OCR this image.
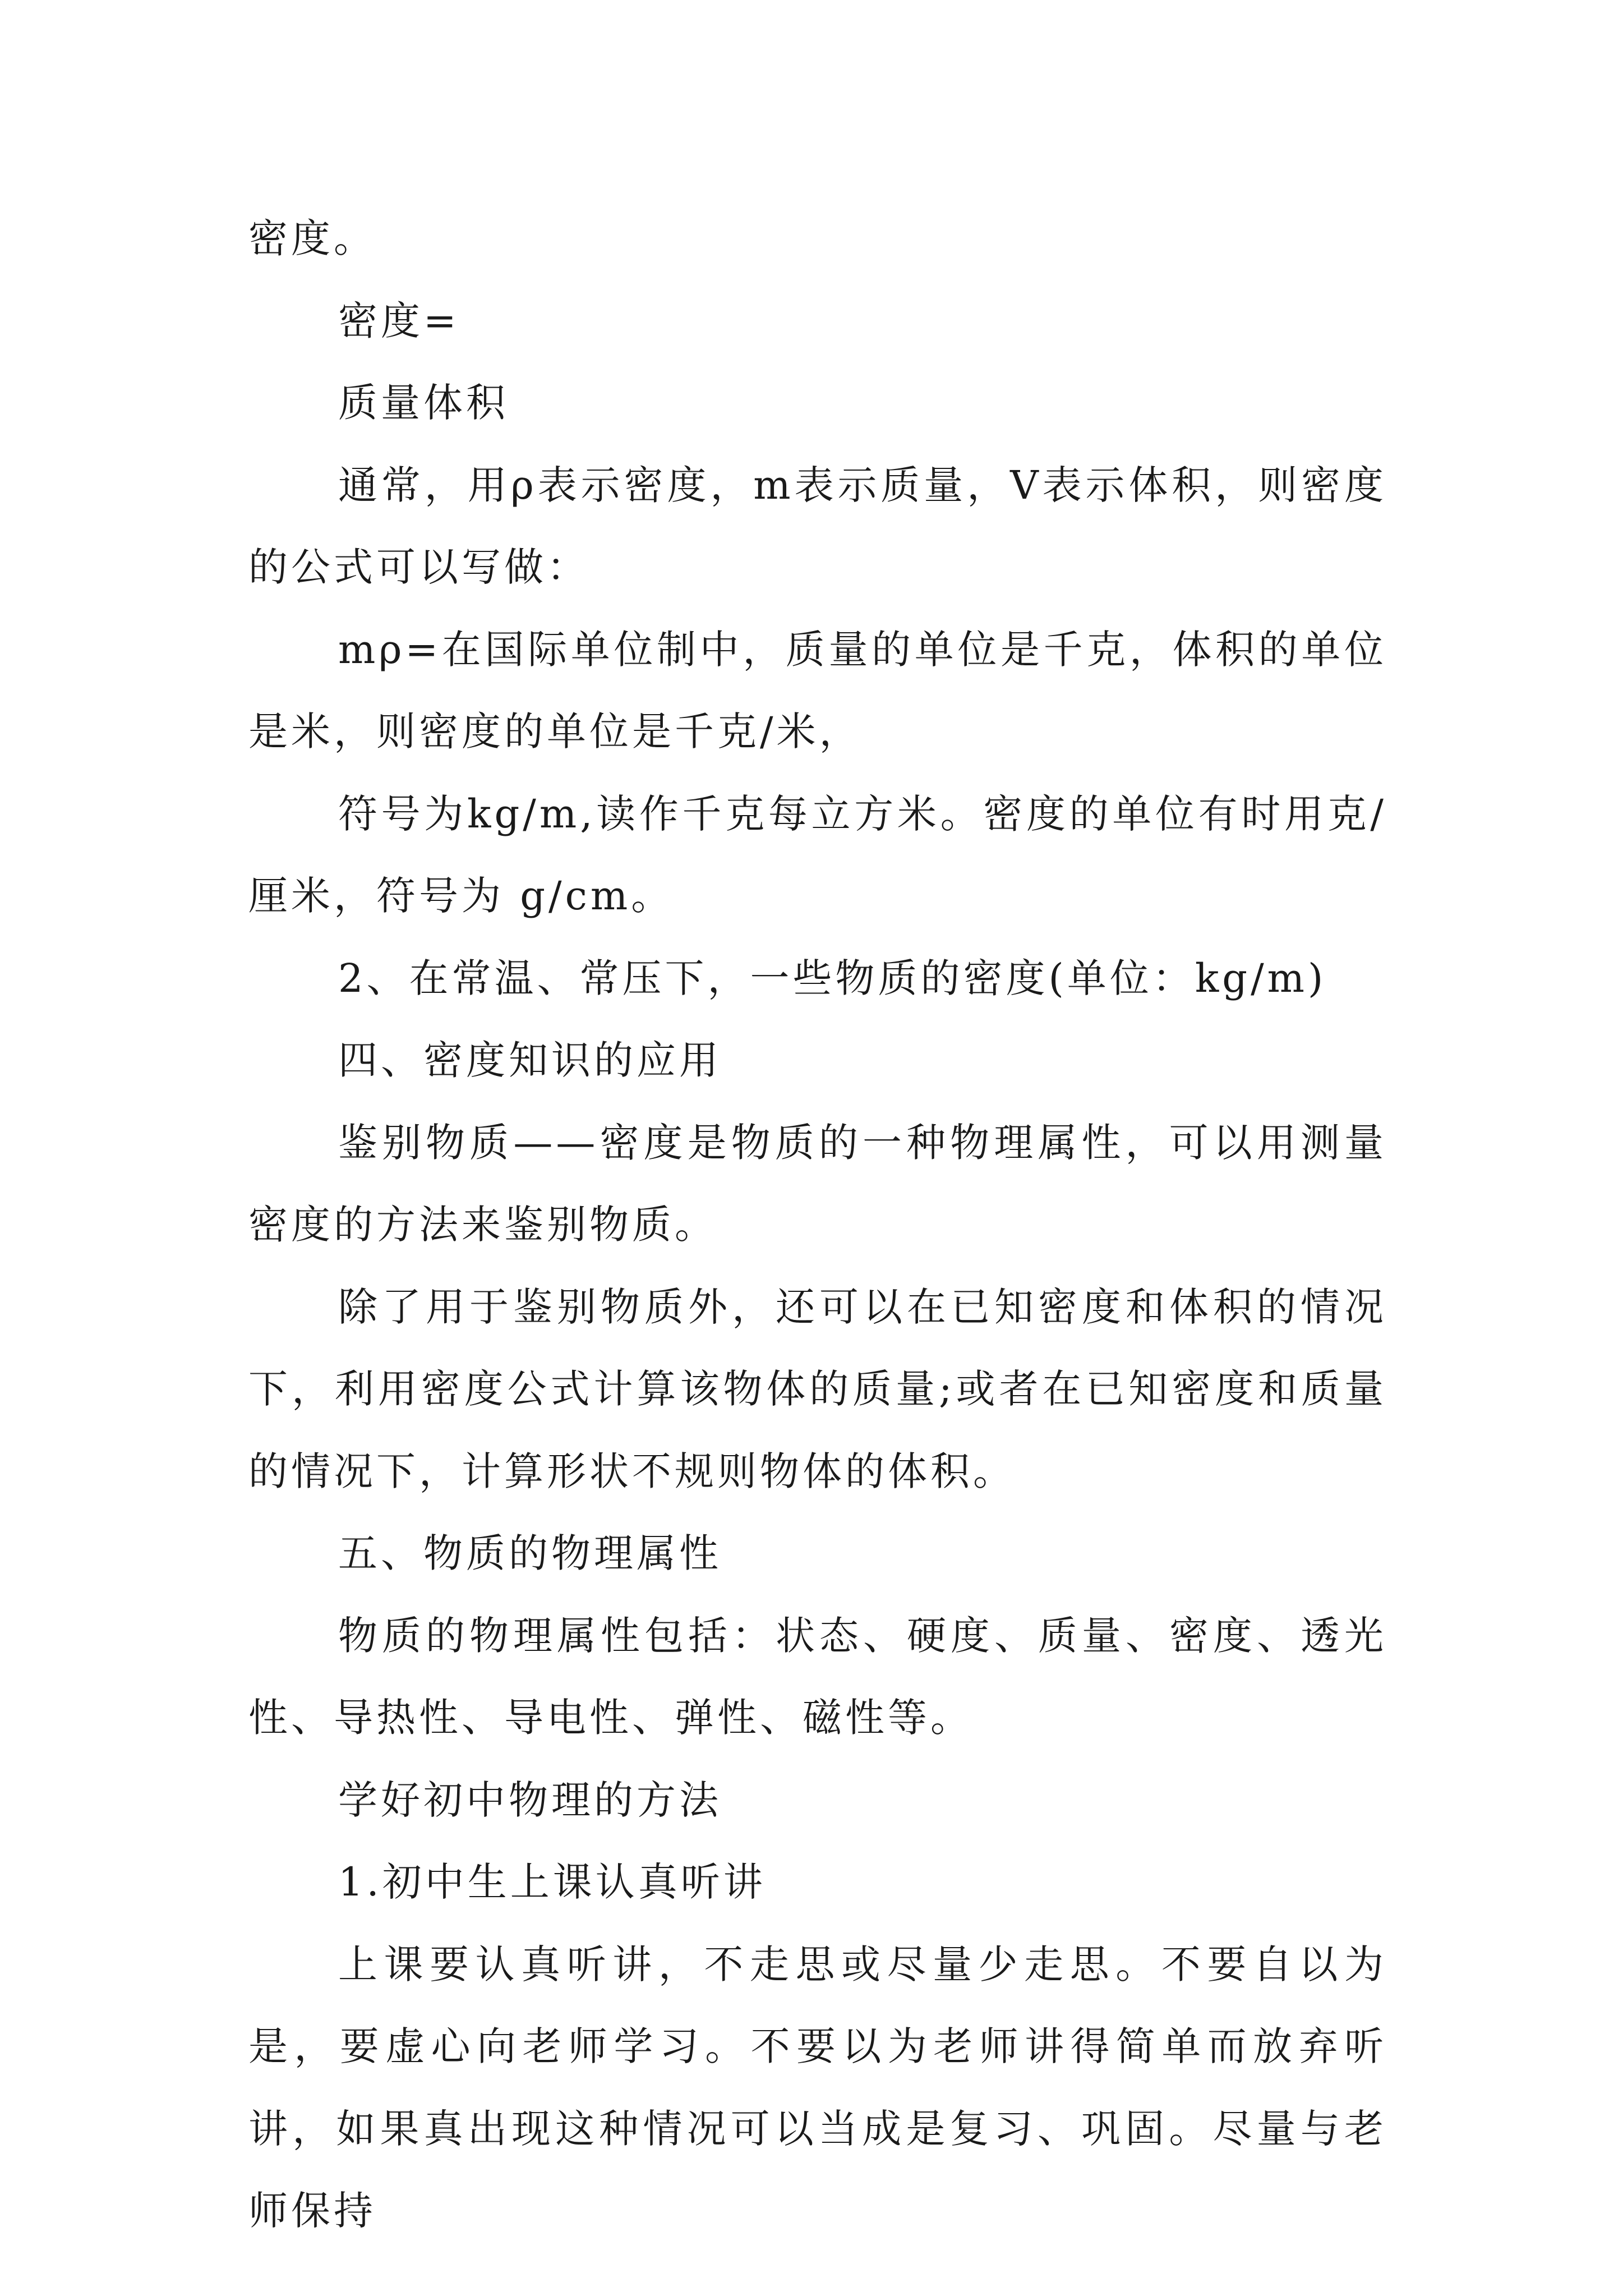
密度。

密度=

质量体积

通常，用ρ表示密度，m表示质量，V表示体积，则密度的公式可以写做：

mρ=在国际单位制中，质量的单位是千克，体积的单位是米，则密度的单位是千克/米，

符号为kg/m,读作千克每立方米。密度的单位有时用克/厘米，符号为 g/cm。

2、在常温、常压下，一些物质的密度(单位：kg/m)

四、密度知识的应用

鉴别物质——密度是物质的一种物理属性，可以用测量密度的方法来鉴别物质。

除了用于鉴别物质外，还可以在已知密度和体积的情况下，利用密度公式计算该物体的质量;或者在已知密度和质量的情况下，计算形状不规则物体的体积。

五、物质的物理属性

物质的物理属性包括：状态、硬度、质量、密度、透光性、导热性、导电性、弹性、磁性等。

学好初中物理的方法

1.初中生上课认真听讲

上课要认真听讲，不走思或尽量少走思。不要自以为是，要虚心向老师学习。不要以为老师讲得简单而放弃听讲，如果真出现这种情况可以当成是复习、巩固。尽量与老师保持
